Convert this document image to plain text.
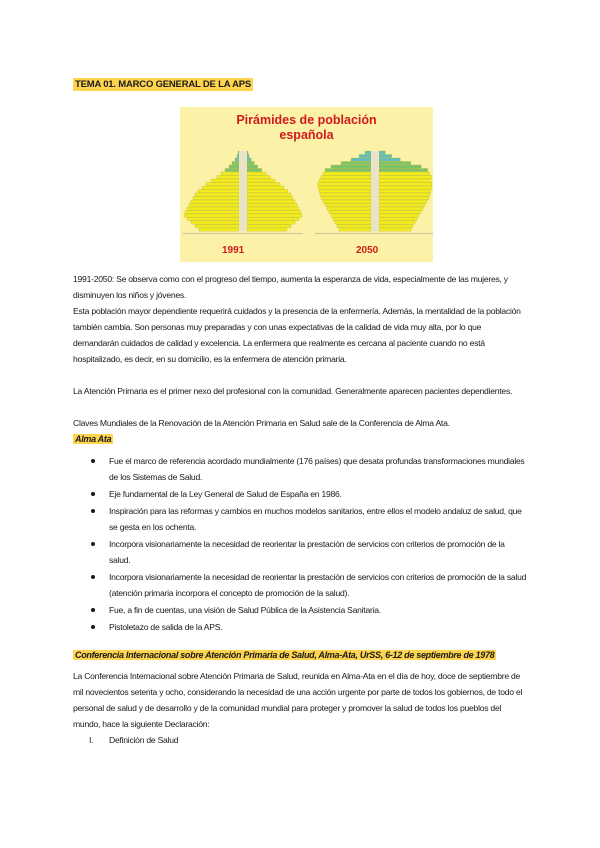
TEMA 01. MARCO GENERAL DE LA APS
Pirámides de población
española
1991	2050

1991-2050: Se observa como con el progreso del tiempo, aumenta la esperanza de vida, especialmente de las mujeres, y disminuyen los niños y jóvenes.

Esta población mayor dependiente requerirá cuidados y la presencia de la enfermería. Además, la mentalidad de la población también cambia. Son personas muy preparadas y con unas expectativas de la calidad de vida muy alta, por lo que demandarán cuidados de calidad y excelencia. La enfermera que realmente es cercana al paciente cuando no está hospitalizado, es decir, en su domicilio, es la enfermera de atención primaria.

La Atención Primaria es el primer nexo del profesional con la comunidad. Generalmente aparecen pacientes dependientes.

Claves Mundiales de la Renovación de la Atención Primaria en Salud sale de la Conferencia de Alma Ata.

Alma Ata
Fue el marco de referencia acordado mundialmente (176 países) que desata profundas transformaciones mundiales de los Sistemas de Salud.
Eje fundamental de la Ley General de Salud de España en 1986.
Inspiración para las reformas y cambios en muchos modelos sanitarios, entre ellos el modelo andaluz de salud, que se gesta en los ochenta.
Incorpora visionariamente la necesidad de reorientar la prestación de servicios con criterios de promoción de la salud.
Incorpora visionariamente la necesidad de reorientar la prestación de servicios con criterios de promoción de la salud (atención primaria incorpora el concepto de promoción de la salud).
Fue, a fin de cuentas, una visión de Salud Pública de la Asistencia Sanitaria.
Pistoletazo de salida de la APS.
Conferencia Internacional sobre Atención Primaria de Salud, Alma-Ata, UrSS, 6-12 de septiembre de 1978

La Conferencia Internacional sobre Atención Primaria de Salud, reunida en Alma-Ata en el día de hoy, doce de septiembre de mil novecientos setenta y ocho, considerando la necesidad de una acción urgente por parte de todos los gobiernos, de todo el personal de salud y de desarrollo y de la comunidad mundial para proteger y promover la salud de todos los pueblos del mundo, hace la siguiente Declaración:

I. Definición de Salud
